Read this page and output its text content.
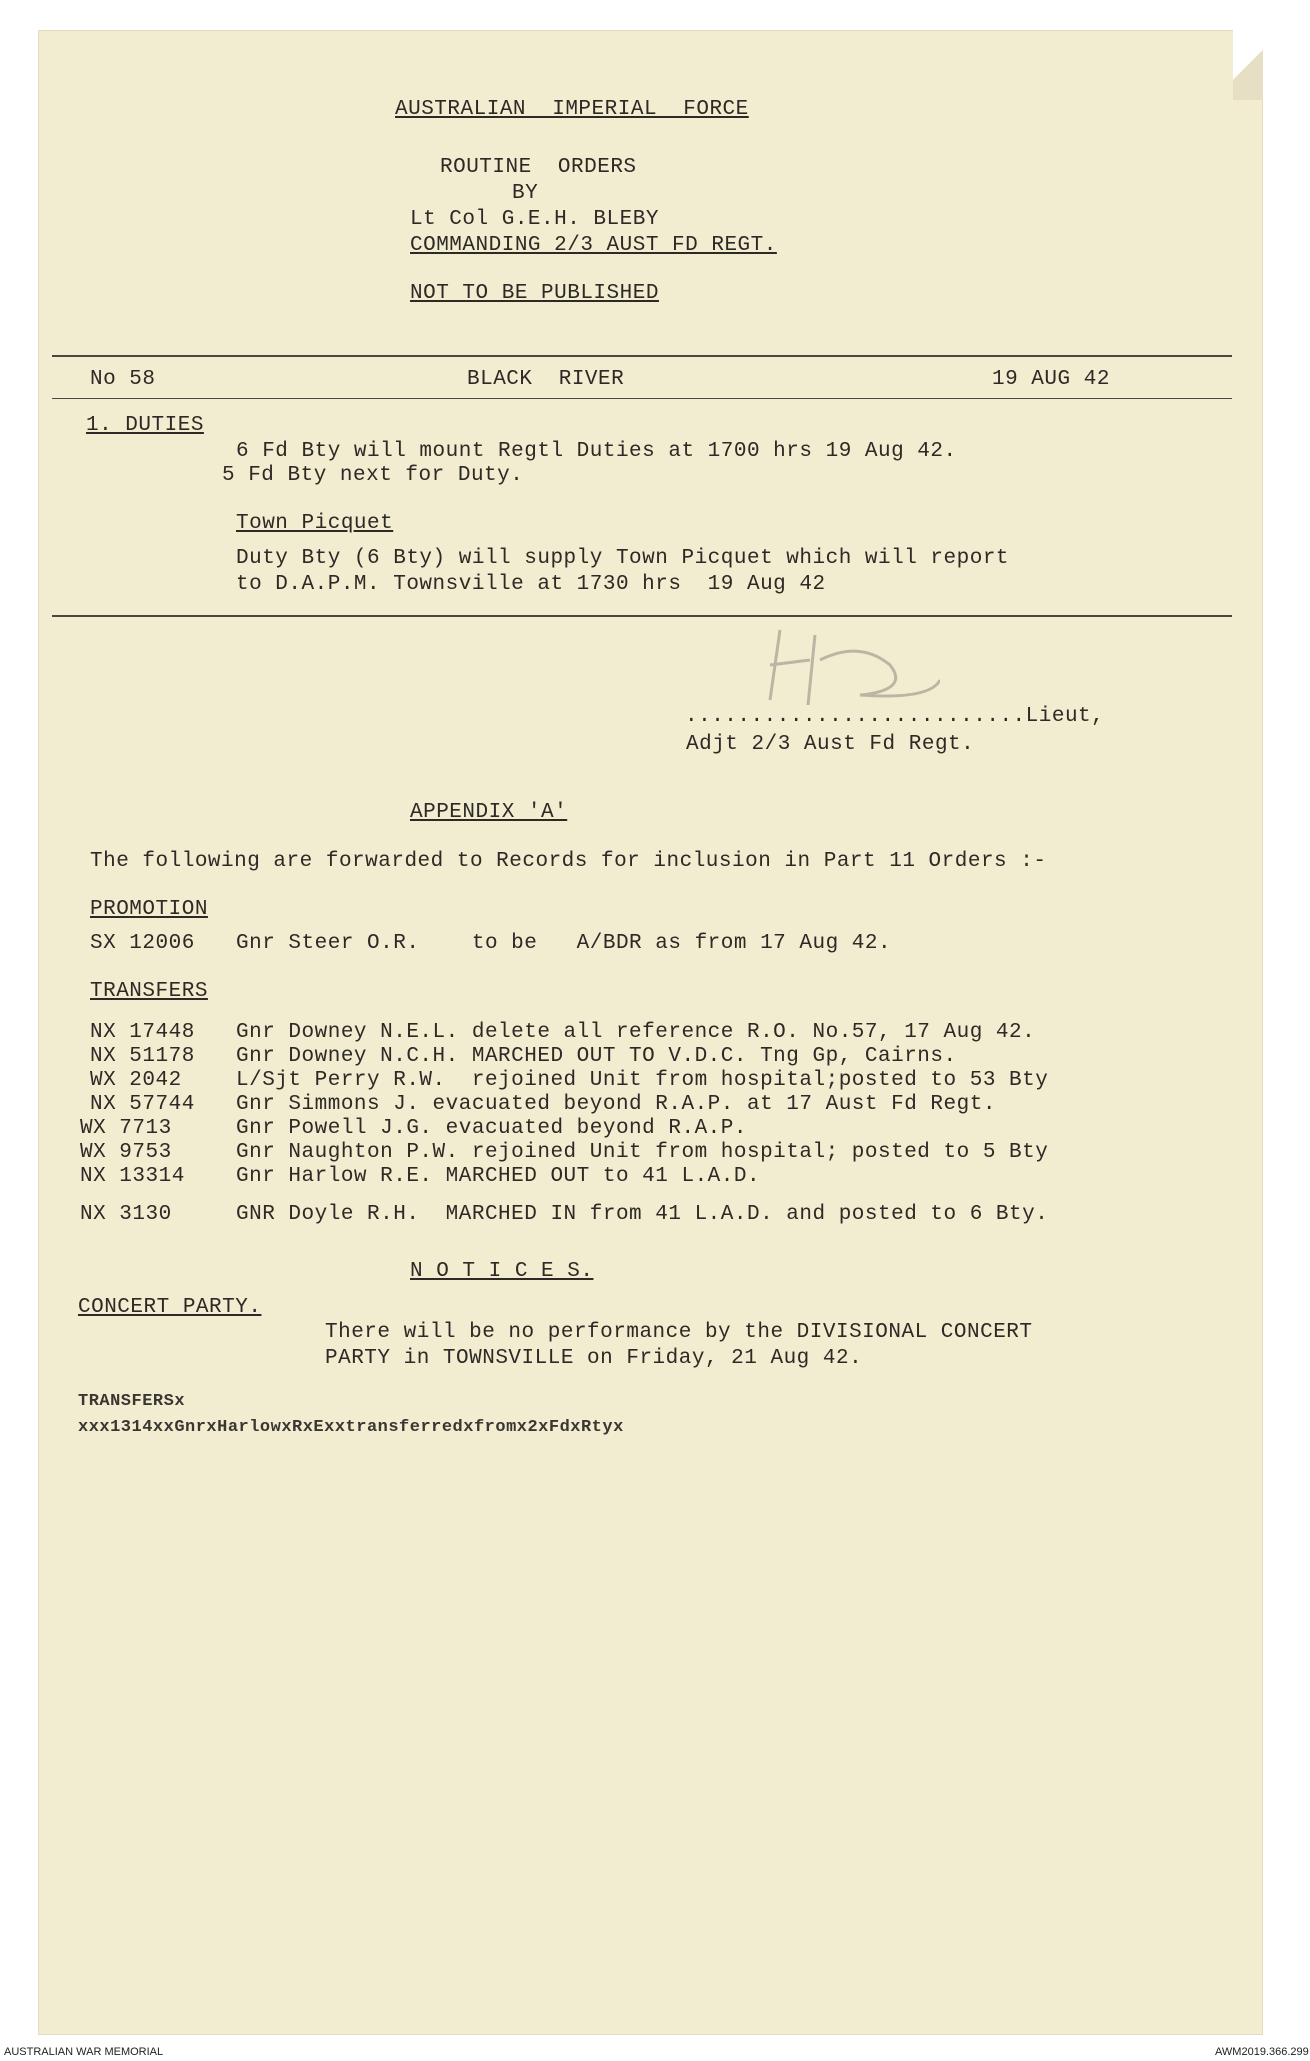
AUSTRALIAN  IMPERIAL  FORCE
ROUTINE  ORDERS
BY
Lt Col G.E.H. BLEBY
COMMANDING 2/3 AUST FD REGT.
NOT TO BE PUBLISHED
No 58	BLACK  RIVER	19 AUG 42
1. DUTIES
6 Fd Bty will mount Regtl Duties at 1700 hrs 19 Aug 42.
5 Fd Bty next for Duty.
Town Picquet
Duty Bty (6 Bty) will supply Town Picquet which will report
to D.A.P.M. Townsville at 1730 hrs  19 Aug 42
..........................Lieut,
Adjt 2/3 Aust Fd Regt.
APPENDIX 'A'
The following are forwarded to Records for inclusion in Part 11 Orders :-
PROMOTION
SX 12006 Gnr Steer O.R.    to be   A/BDR as from 17 Aug 42.
TRANSFERS
NX 17448 Gnr Downey N.E.L. delete all reference R.O. No.57, 17 Aug 42.
NX 51178 Gnr Downey N.C.H. MARCHED OUT TO V.D.C. Tng Gp, Cairns.
WX 2042	L/Sjt Perry R.W.  rejoined Unit from hospital;posted to 53 Bty
NX 57744 Gnr Simmons J. evacuated beyond R.A.P. at 17 Aust Fd Regt.
WX 7713	Gnr Powell J.G. evacuated beyond R.A.P.
WX 9753	Gnr Naughton P.W. rejoined Unit from hospital; posted to 5 Bty
NX 13314 Gnr Harlow R.E. MARCHED OUT to 41 L.A.D.
NX 3130	GNR Doyle R.H.  MARCHED IN from 41 L.A.D. and posted to 6 Bty.
N O T I C E S.
CONCERT PARTY.
There will be no performance by the DIVISIONAL CONCERT
PARTY in TOWNSVILLE on Friday, 21 Aug 42.
TRANSFERSx
xxx1314xxGnrxHarlowxRxExxtransferredxfromx2xFdxRtyx
AUSTRALIAN WAR MEMORIAL	AWM2019.366.299
